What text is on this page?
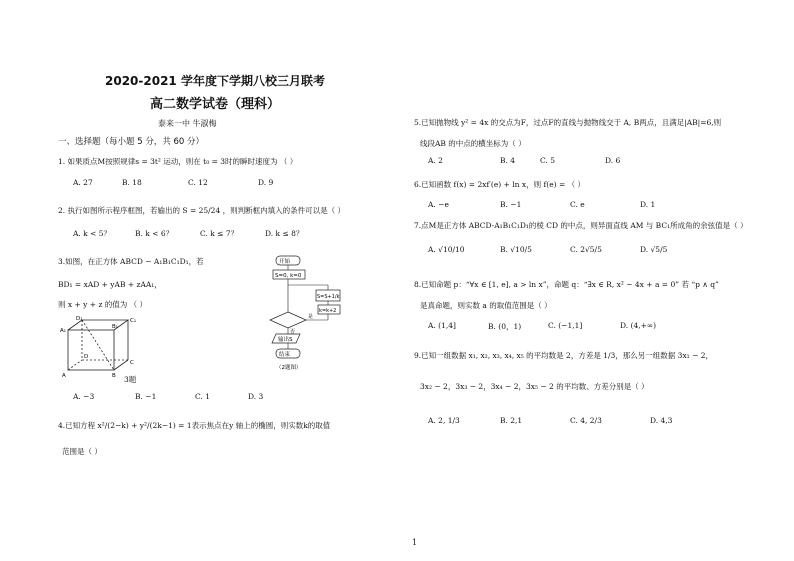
2020-2021 学年度下学期八校三月联考
高二数学试卷（理科）
泰来一中 牛淑梅
一、选择题（每小题 5 分，共 60 分）
1. 如果质点M按照规律s = 3t² 运动，则在 t₀ = 3时的瞬时速度为 （ ）
A. 27	B. 18	C. 12	D. 9
2. 执行如图所示程序框图，若输出的 S = 25/24 ，则判断框内填入的条件可以是（ ）
A. k < 5？	B. k < 6？	C. k ≤ 7？	D. k ≤ 8？
3.如图，在正方体 ABCD − A₁B₁C₁D₁，若
BD₁ = xAD + yAB + zAA₁，
则 x + y + z 的值为 （ ）
A₁
B₁
C₁
D₁
A	B
C
D
3题
开始
S=0, k=0
S=S+1/k
k=k+2
是
否
输出S
结束
（2题图）
A. −3	B. −1	C. 1	D. 3
4.已知方程 x²/(2−k) + y²/(2k−1) = 1表示焦点在y 轴上的椭圆，则实数k的取值
范围是（ ）
5.已知抛物线 y² = 4x 的交点为F，过点F的直线与抛物线交于 A, B两点，且满足|AB|=6,则
线段AB 的中点的横坐标为（ ）
A. 2	B. 4	C. 5	D. 6
6.已知函数 f(x) = 2xf′(e) + ln x，则 f(e) = （ ）
A. −e	B. −1	C. e	D. 1
7.点M是正方体 ABCD-A₁B₁C₁D₁的棱 CD 的中点，则异面直线 AM 与 BC₁所成角的余弦值是（ ）
A. √10/10	B. √10/5	C. 2√5/5	D. √5/5
8.已知命题 p：“∀x ∈ [1, e], a > ln x”，命题 q：“∃x ∈ R, x² − 4x + a = 0” 若 “p ∧ q”
是真命题，则实数 a 的取值范围是（ ）
A. (1,4]	B. (0，1)	C. (−1,1]	D. (4,+∞)
9.已知一组数据 x₁, x₂, x₃, x₄, x₅ 的平均数是 2，方差是 1/3，那么另一组数据 3x₁ − 2，
3x₂ − 2，3x₃ − 2，3x₄ − 2，3x₅ − 2 的平均数、方差分别是（ ）
A. 2, 1/3	B. 2,1	C. 4, 2/3	D. 4,3
1
